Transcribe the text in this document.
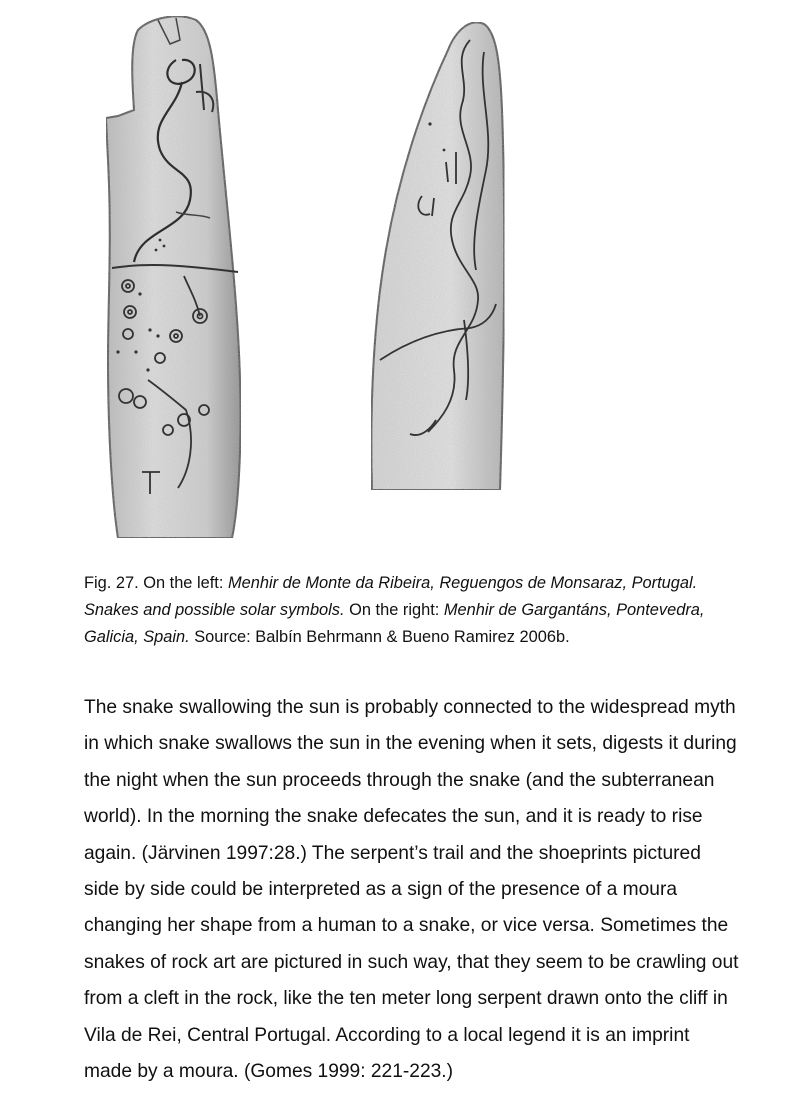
Fig. 27. On the left: Menhir de Monte da Ribeira, Reguengos de Monsaraz, Portugal.
Snakes and possible solar symbols. On the right: Menhir de Gargantáns, Pontevedra,
Galicia, Spain. Source: Balbín Behrmann & Bueno Ramirez 2006b.
The snake swallowing the sun is probably connected to the widespread myth
in which snake swallows the sun in the evening when it sets, digests it during
the night when the sun proceeds through the snake (and the subterranean
world). In the morning the snake defecates the sun, and it is ready to rise
again. (Järvinen 1997:28.) The serpent’s trail and the shoeprints pictured
side by side could be interpreted as a sign of the presence of a moura
changing her shape from a human to a snake, or vice versa. Sometimes the
snakes of rock art are pictured in such way, that they seem to be crawling out
from a cleft in the rock, like the ten meter long serpent drawn onto the cliff in
Vila de Rei, Central Portugal. According to a local legend it is an imprint
made by a moura. (Gomes 1999: 221-223.)
